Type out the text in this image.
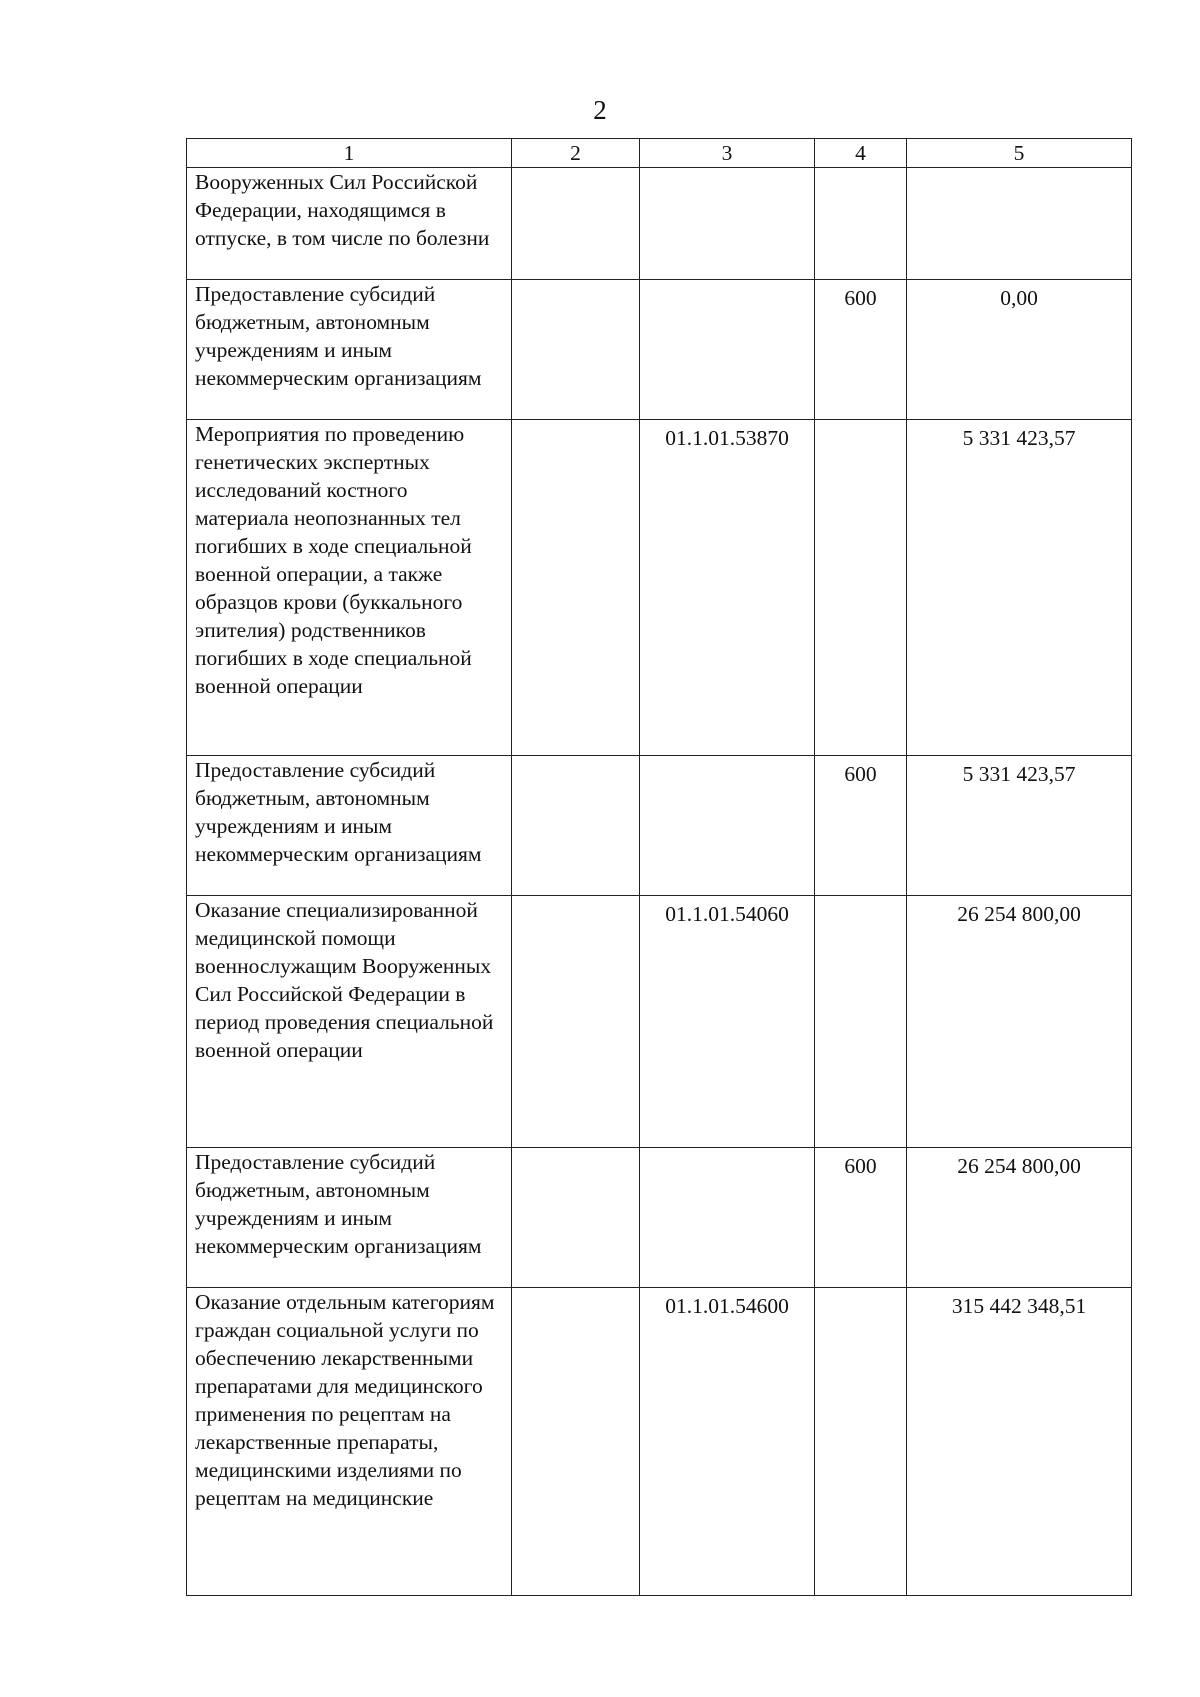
2
1	2	3	4	5
Вооруженных Сил Российской Федерации, находящимся в отпуске, в том числе по болезни				
Предоставление субсидий бюджетным, автономным учреждениям и иным некоммерческим организациям			600	0,00
Мероприятия по проведению генетических экспертных исследований костного материала неопознанных тел погибших в ходе специальной военной операции, а также образцов крови (буккального эпителия) родственников погибших в ходе специальной военной операции		01.1.01.53870		5 331 423,57
Предоставление субсидий бюджетным, автономным учреждениям и иным некоммерческим организациям			600	5 331 423,57
Оказание специализированной медицинской помощи военнослужащим Вооруженных Сил Российской Федерации в период проведения специальной военной операции		01.1.01.54060		26 254 800,00
Предоставление субсидий бюджетным, автономным учреждениям и иным некоммерческим организациям			600	26 254 800,00
Оказание отдельным категориям граждан социальной услуги по обеспечению лекарственными препаратами для медицинского применения по рецептам на лекарственные препараты, медицинскими изделиями по рецептам на медицинские		01.1.01.54600		315 442 348,51
